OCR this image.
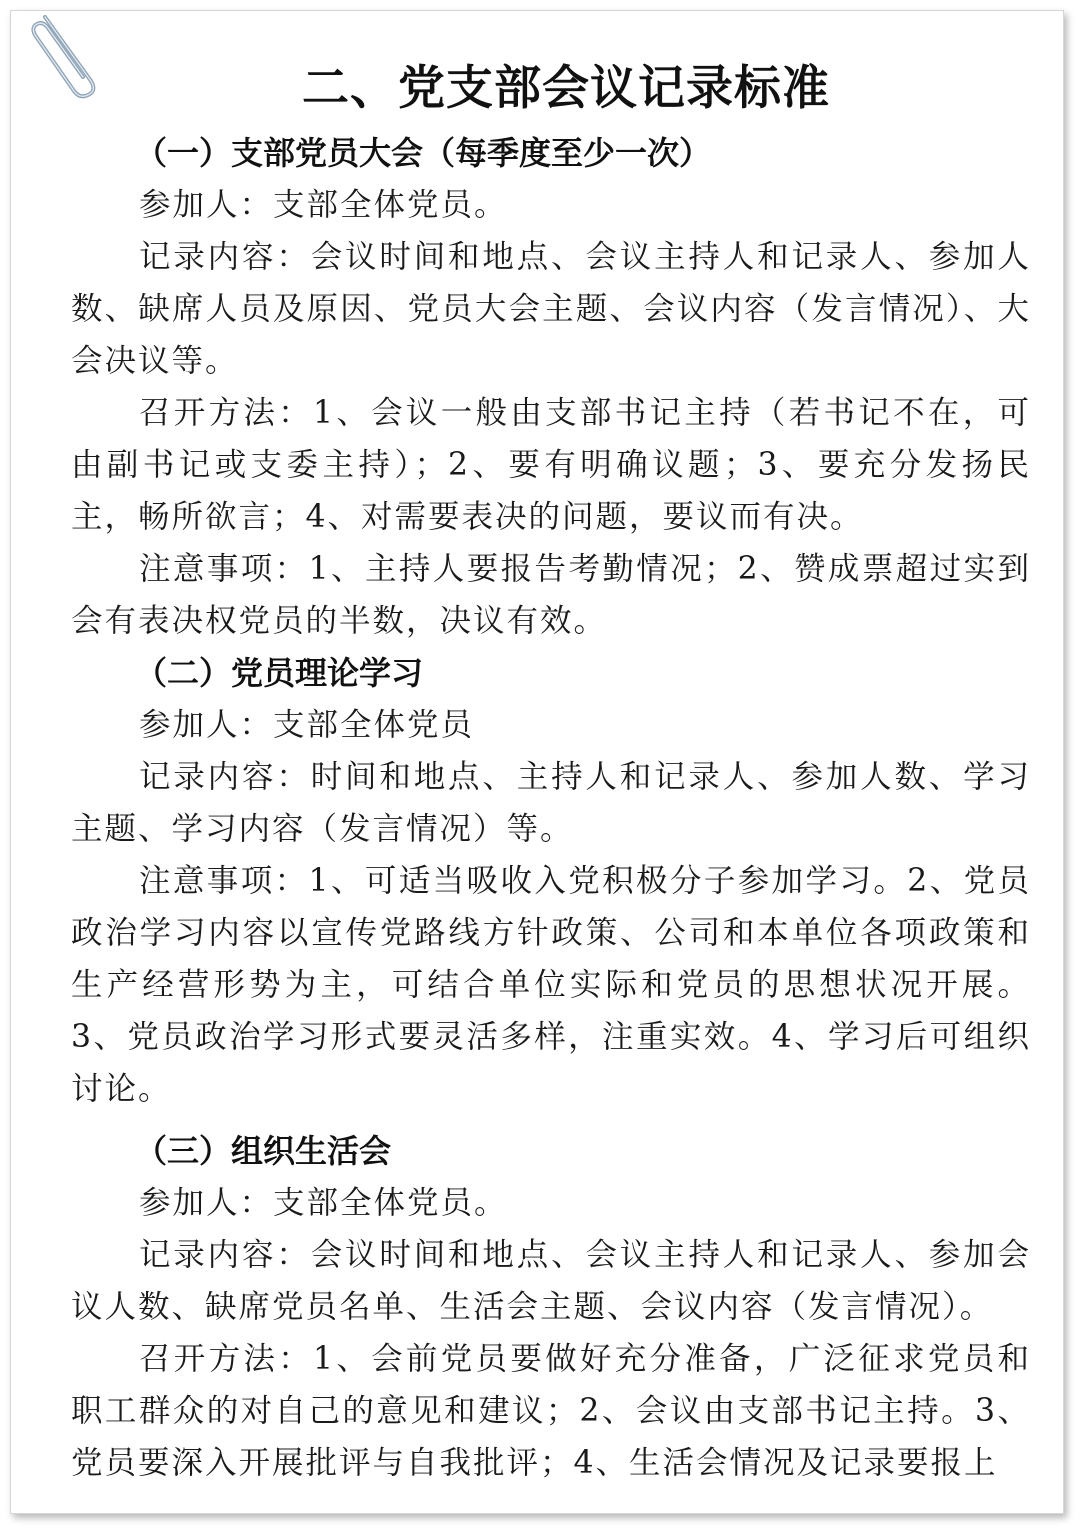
二、党支部会议记录标准
（一）支部党员大会（每季度至少一次）

参加人：支部全体党员。

记录内容：会议时间和地点、会议主持人和记录人、参加人数、缺席人员及原因、党员大会主题、会议内容（发言情况）、大会决议等。

召开方法：1、会议一般由支部书记主持（若书记不在，可由副书记或支委主持）；2、要有明确议题；3、要充分发扬民主，畅所欲言；4、对需要表决的问题，要议而有决。

注意事项：1、主持人要报告考勤情况；2、赞成票超过实到会有表决权党员的半数，决议有效。

（二）党员理论学习

参加人：支部全体党员

记录内容：时间和地点、主持人和记录人、参加人数、学习主题、学习内容（发言情况）等。

注意事项：1、可适当吸收入党积极分子参加学习。2、党员政治学习内容以宣传党路线方针政策、公司和本单位各项政策和生产经营形势为主，可结合单位实际和党员的思想状况开展。3、党员政治学习形式要灵活多样，注重实效。4、学习后可组织讨论。

（三）组织生活会

参加人：支部全体党员。

记录内容：会议时间和地点、会议主持人和记录人、参加会议人数、缺席党员名单、生活会主题、会议内容（发言情况）。

召开方法：1、会前党员要做好充分准备，广泛征求党员和职工群众的对自己的意见和建议；2、会议由支部书记主持。3、党员要深入开展批评与自我批评；4、生活会情况及记录要报上
